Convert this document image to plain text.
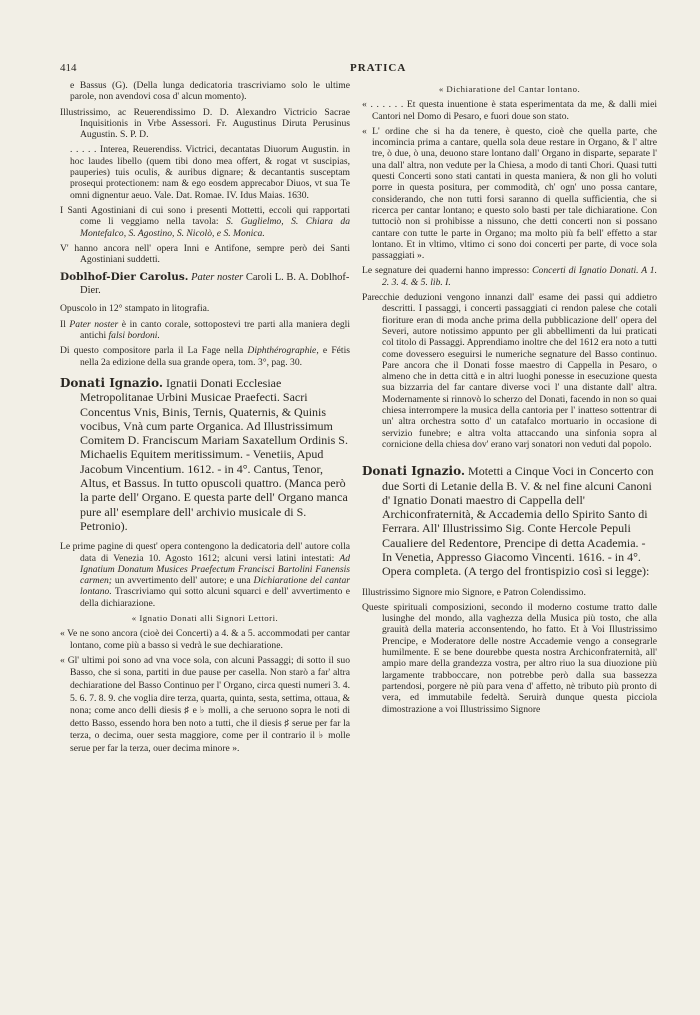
414	PRATICA

e Bassus (G). (Della lunga dedicatoria trascriviamo solo le ultime parole, non avendovi cosa d' alcun momento).

Illustrissimo, ac Reuerendissimo D. D. Alexandro Victricio Sacrae Inquisitionis in Vrbe Assessori. Fr. Augustinus Diruta Perusinus Augustin. S. P. D.

. . . . . Interea, Reuerendiss. Victrici, decantatas Diuorum Augustin. in hoc laudes libello (quem tibi dono mea offert, & rogat vt suscipias, pauperies) tuis oculis, & auribus dignare; & decantantis susceptam prosequi protectionem: nam & ego eosdem apprecabor Diuos, vt sua Te omni dignentur aeuo. Vale. Dat. Romae. IV. Idus Maias. 1630.

I Santi Agostiniani di cui sono i presenti Mottetti, eccoli qui rapportati come li veggiamo nella tavola: S. Guglielmo, S. Chiara da Montefalco, S. Agostino, S. Nicolò, e S. Monica.

V' hanno ancora nell' opera Inni e Antifone, sempre però dei Santi Agostiniani suddetti.

Doblhof-Dier Carolus. Pater noster Caroli L. B. A. Doblhof-Dier.

Opuscolo in 12° stampato in litografia.

Il Pater noster è in canto corale, sottopostevi tre parti alla maniera degli antichi falsi bordoni.

Di questo compositore parla il La Fage nella Diphthérographie, e Fétis nella 2a edizione della sua grande opera, tom. 3°, pag. 30.

Donati Ignazio. Ignatii Donati Ecclesiae Metropolitanae Urbini Musicae Praefecti. Sacri Concentus Vnis, Binis, Ternis, Quaternis, & Quinis vocibus, Vnà cum parte Organica. Ad Illustrissimum Comitem D. Franciscum Mariam Saxatellum Ordinis S. Michaelis Equitem meritissimum. - Venetiis, Apud Jacobum Vincentium. 1612. - in 4°. Cantus, Tenor, Altus, et Bassus. In tutto opuscoli quattro. (Manca però la parte dell' Organo. E questa parte dell' Organo manca pure all' esemplare dell' archivio musicale di S. Petronio).

Le prime pagine di quest' opera contengono la dedicatoria dell' autore colla data di Venezia 10. Agosto 1612; alcuni versi latini intestati: Ad Ignatium Donatum Musices Praefectum Francisci Bartolini Fanensis carmen; un avvertimento dell' autore; e una Dichiaratione del cantar lontano. Trascriviamo qui sotto alcuni squarci e dell' avvertimento e della dichiarazione.

« Ignatio Donati alli Signori Lettori.

« Ve ne sono ancora (cioè dei Concerti) a 4. & a 5. accommodati per cantar lontano, come più a basso si vedrà le sue dechiaratione.

« Gl' ultimi poi sono ad vna voce sola, con alcuni Passaggi; di sotto il suo Basso, che si sona, partiti in due pause per casella. Non starò a far' altra dechiaratione del Basso Continuo per l' Organo, circa questi numeri 3. 4. 5. 6. 7. 8. 9. che voglia dire terza, quarta, quinta, sesta, settima, ottaua, & nona; come anco delli diesis ♯ e ♭ molli, a che seruono sopra le noti di detto Basso, essendo hora ben noto a tutti, che il diesis ♯ serue per far la terza, o decima, ouer sesta maggiore, come per il contrario il ♭ molle serue per far la terza, ouer decima minore ».

« Dichiaratione del Cantar lontano.

« . . . . . . Et questa inuentione è stata esperimentata da me, & dalli miei Cantori nel Domo di Pesaro, e fuori doue son stato.

« L' ordine che si ha da tenere, è questo, cioè che quella parte, che incomincia prima a cantare, quella sola deue restare in Organo, & l' altre tre, ò due, ò una, deuono stare lontano dall' Organo in disparte, separate l' una dall' altra, non vedute per la Chiesa, a modo di tanti Chori. Quasi tutti questi Concerti sono stati cantati in questa maniera, & non gli ho voluti porre in questa positura, per commodità, ch' ogn' uno possa cantare, considerando, che non tutti forsi saranno di quella sufficientia, che si ricerca per cantar lontano; e questo solo basti per tale dichiaratione. Con tuttociò non si prohibisse a nissuno, che detti concerti non si possano cantare con tutte le parte in Organo; ma molto più fa bell' effetto a star lontano. Et in vltimo, vltimo ci sono doi concerti per parte, di voce sola passaggiati ».

Le segnature dei quaderni hanno impresso: Concerti di Ignatio Donati. A 1. 2. 3. 4. & 5. lib. I.

Parecchie deduzioni vengono innanzi dall' esame dei passi qui addietro descritti. I passaggi, i concerti passaggiati ci rendon palese che cotali fioriture eran di moda anche prima della pubblicazione dell' opera del Severi, autore notissimo appunto per gli abbellimenti da lui praticati col titolo di Passaggi. Apprendiamo inoltre che del 1612 era noto a tutti come dovessero eseguirsi le numeriche segnature del Basso continuo. Pare ancora che il Donati fosse maestro di Cappella in Pesaro, o almeno che in detta città e in altri luoghi ponesse in esecuzione questa sua bizzarria del far cantare diverse voci l' una distante dall' altra. Modernamente si rinnovò lo scherzo del Donati, facendo in non so quai chiesa interrompere la musica della cantoria per l' inatteso sottentrar di un' altra orchestra sotto d' un catafalco mortuario in occasione di servizio funebre; e altra volta attaccando una sinfonia sopra al cornicione della chiesa dov' erano varj sonatori non veduti dal popolo.

Donati Ignazio. Motetti a Cinque Voci in Concerto con due Sorti di Letanie della B. V. & nel fine alcuni Canoni d' Ignatio Donati maestro di Cappella dell' Archiconfraternità, & Accademia dello Spirito Santo di Ferrara. All' Illustrissimo Sig. Conte Hercole Pepuli Caualiere del Redentore, Prencipe di detta Academia. - In Venetia, Appresso Giacomo Vincenti. 1616. - in 4°. Opera completa. (A tergo del frontispizio così si legge):

Illustrissimo Signore mio Signore, e Patron Colendissimo.

Queste spirituali composizioni, secondo il moderno costume tratto dalle lusinghe del mondo, alla vaghezza della Musica più tosto, che alla grauità della materia acconsentendo, ho fatto. Et à Voi Illustrissimo Prencipe, e Moderatore delle nostre Accademie vengo a consegrarle humilmente. E se bene dourebbe questa nostra Archiconfraternità, all' ampio mare della grandezza vostra, per altro riuo la sua diuozione più largamente trabboccare, non potrebbe però dalla sua bassezza partendosi, porgere nè più para vena d' affetto, nè tributo più pronto di vera, ed immutabile fedeltà. Seruirà dunque questa picciola dimostrazione a voi Illustrissimo Signore
